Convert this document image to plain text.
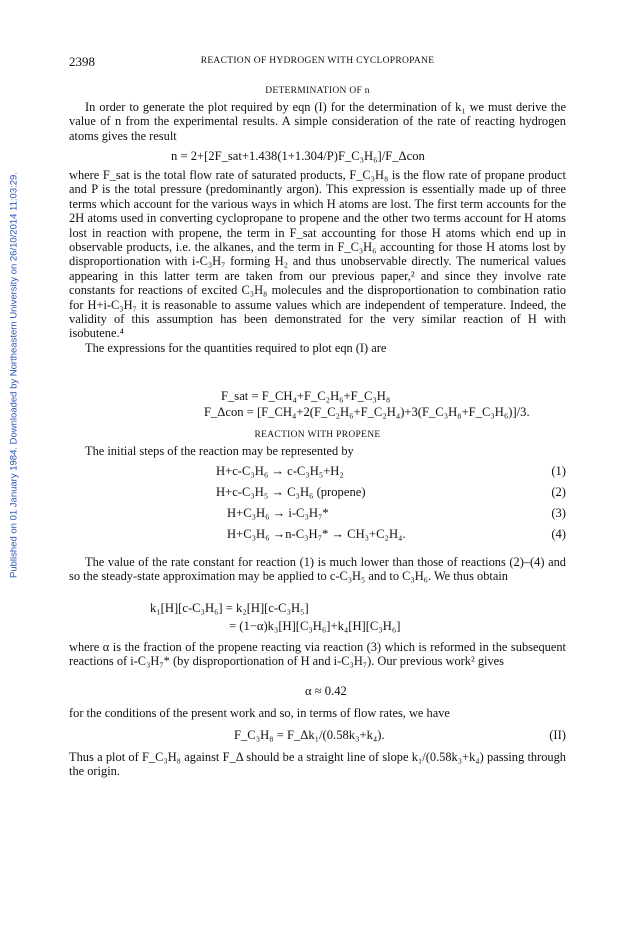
Published on 01 January 1984. Downloaded by Northeastern University on 26/10/2014 11:03:29.
2398	REACTION OF HYDROGEN WITH CYCLOPROPANE
DETERMINATION OF n

In order to generate the plot required by eqn (I) for the determination of k₁ we must derive the value of n from the experimental results. A simple consideration of the rate of reacting hydrogen atoms gives the result

n = 2+[2F_sat+1.438(1+1.304/P)F_C₃H₆]/F_Δcon

where F_sat is the total flow rate of saturated products, F_C₃H₈ is the flow rate of propane product and P is the total pressure (predominantly argon). This expression is essentially made up of three terms which account for the various ways in which H atoms are lost. The first term accounts for the 2H atoms used in converting cyclopropane to propene and the other two terms account for H atoms lost in reaction with propene, the term in F_sat accounting for those H atoms which end up in observable products, i.e. the alkanes, and the term in F_C₃H₆ accounting for those H atoms lost by disproportionation with i-C₃H₇ forming H₂ and thus unobservable directly. The numerical values appearing in this latter term are taken from our previous paper,² and since they involve rate constants for reactions of excited C₃H₈ molecules and the disproportionation to combination ratio for H+i-C₃H₇ it is reasonable to assume values which are independent of temperature. Indeed, the validity of this assumption has been demonstrated for the very similar reaction of H with isobutene.⁴

The expressions for the quantities required to plot eqn (I) are

F_sat = F_CH₄+F_C₂H₆+F_C₃H₈
F_Δcon = [F_CH₄+2(F_C₂H₆+F_C₂H₄)+3(F_C₃H₈+F_C₃H₆)]/3.
REACTION WITH PROPENE

The initial steps of the reaction may be represented by

H+c-C₃H₆ → c-C₃H₅+H₂	(1)
H+c-C₃H₅ → C₃H₆ (propene)	(2)
H+C₃H₆ → i-C₃H₇*	(3)
H+C₃H₆ →n-C₃H₇* → CH₃+C₂H₄.	(4)

The value of the rate constant for reaction (1) is much lower than those of reactions (2)–(4) and so the steady-state approximation may be applied to c-C₃H₅ and to C₃H₆. We thus obtain

k₁[H][c-C₃H₆] = k₂[H][c-C₃H₅]
= (1−α)k₃[H][C₃H₆]+k₄[H][C₃H₆]

where α is the fraction of the propene reacting via reaction (3) which is reformed in the subsequent reactions of i-C₃H₇* (by disproportionation of H and i-C₃H₇). Our previous work² gives

α ≈ 0.42

for the conditions of the present work and so, in terms of flow rates, we have

F_C₃H₈ = F_Δk₁/(0.58k₃+k₄).	(II)

Thus a plot of F_C₃H₈ against F_Δ should be a straight line of slope k₁/(0.58k₃+k₄) passing through the origin.
